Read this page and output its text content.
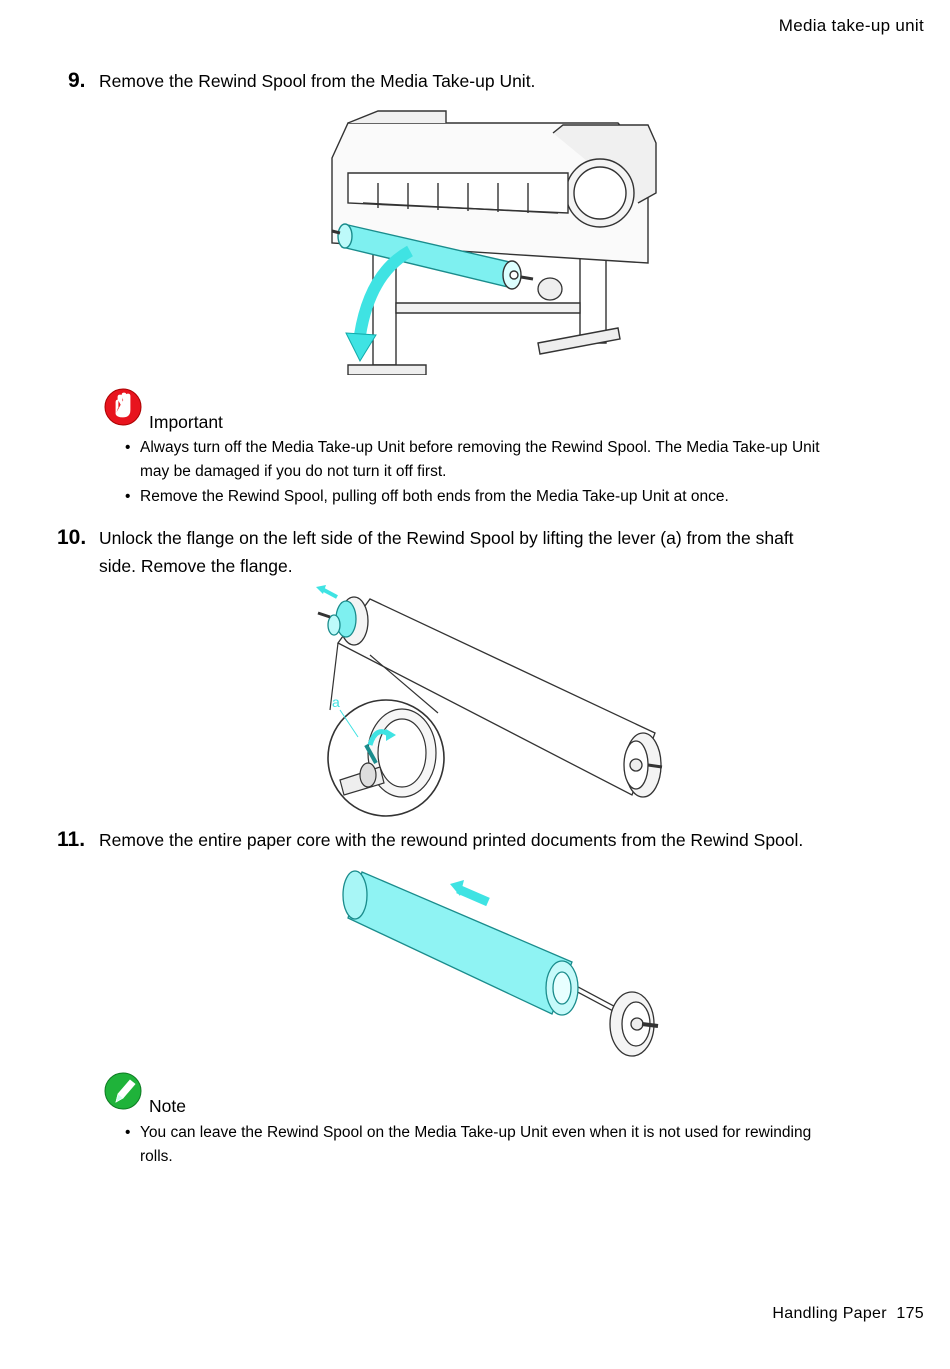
Media take-up unit
9. Remove the Rewind Spool from the Media Take-up Unit.
Important
• Always turn off the Media Take-up Unit before removing the Rewind Spool. The Media Take-up Unit
may be damaged if you do not turn it off first.
• Remove the Rewind Spool, pulling off both ends from the Media Take-up Unit at once.
10. Unlock the flange on the left side of the Rewind Spool by lifting the lever (a) from the shaft
side. Remove the flange.
a
11. Remove the entire paper core with the rewound printed documents from the Rewind Spool.
Note
• You can leave the Rewind Spool on the Media Take-up Unit even when it is not used for rewinding
rolls.
Handling Paper 175
